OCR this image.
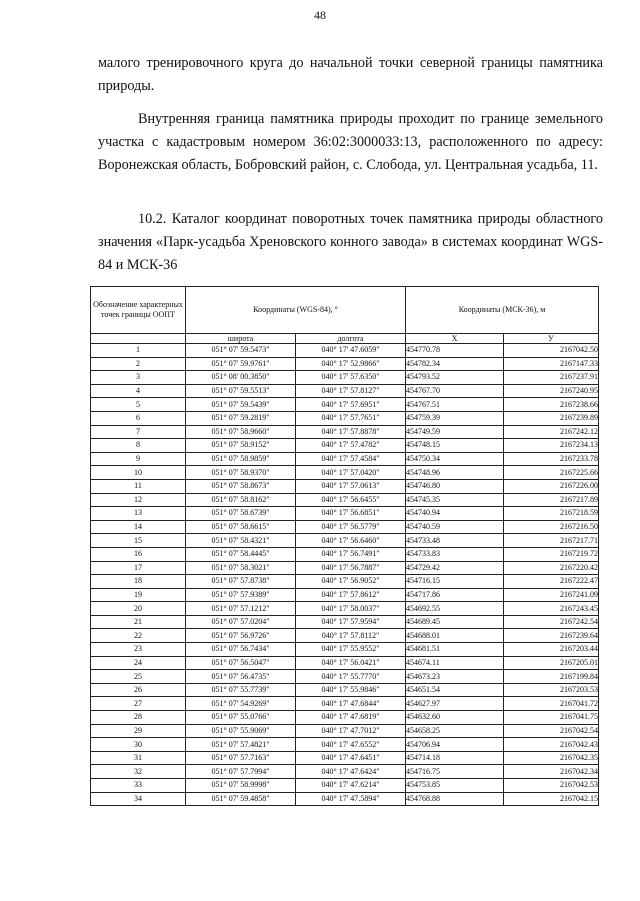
48
малого тренировочного круга до начальной точки северной границы памятника природы.
Внутренняя граница памятника природы проходит по границе земельного участка с кадастровым номером 36:02:3000033:13, расположенного по адресу: Воронежская область, Бобровский район, с. Слобода, ул. Центральная усадьба, 11.
10.2. Каталог координат поворотных точек памятника природы областного значения «Парк-усадьба Хреновского конного завода» в системах координат WGS-84 и МСК-36
Обозначение характерных точек границы ООПТ	Координаты (WGS-84), °		Координаты (МСК-36), м	
	широта	долгота	X	У
1	051° 07' 59.5473"	040° 17' 47.6059"	454770.78	2167042.50
2	051° 07' 59.9761"	040° 17' 52.9866"	454782.34	2167147.33
3	051° 08' 00.3850"	040° 17' 57.6350"	454793.52	2167237.91
4	051° 07' 59.5513"	040° 17' 57.8127"	454767.70	2167240.95
5	051° 07' 59.5439"	040° 17' 57.6951"	454767.51	2167238.66
6	051° 07' 59.2819"	040° 17' 57.7651"	454759.39	2167239.89
7	051° 07' 58.9660"	040° 17' 57.8878"	454749.59	2167242.12
8	051° 07' 58.9152"	040° 17' 57.4782"	454748.15	2167234.13
9	051° 07' 58.9859"	040° 17' 57.4584"	454750.34	2167233.78
10	051° 07' 58.9370"	040° 17' 57.0420"	454748.96	2167225.66
11	051° 07' 58.8673"	040° 17' 57.0613"	454746.80	2167226.00
12	051° 07' 58.8162"	040° 17' 56.6455"	454745.35	2167217.89
13	051° 07' 58.6739"	040° 17' 56.6851"	454740.94	2167218.59
14	051° 07' 58.6615"	040° 17' 56.5779"	454740.59	2167216.50
15	051° 07' 58.4321"	040° 17' 56.6460"	454733.48	2167217.71
16	051° 07' 58.4445"	040° 17' 56.7491"	454733.83	2167219.72
17	051° 07' 58.3021"	040° 17' 56.7887"	454729.42	2167220.42
18	051° 07' 57.8738"	040° 17' 56.9052"	454716.15	2167222.47
19	051° 07' 57.9389"	040° 17' 57.8612"	454717.86	2167241.09
20	051° 07' 57.1212"	040° 17' 58.0037"	454692.55	2167243.45
21	051° 07' 57.0204"	040° 17' 57.9594"	454689.45	2167242.54
22	051° 07' 56.9726"	040° 17' 57.8112"	454688.01	2167239.64
23	051° 07' 56.7434"	040° 17' 55.9552"	454681.51	2167203.44
24	051° 07' 56.5047"	040° 17' 56.0421"	454674.11	2167205.01
25	051° 07' 56.4735"	040° 17' 55.7770"	454673.23	2167199.84
26	051° 07' 55.7739"	040° 17' 55.9846"	454651.54	2167203.53
27	051° 07' 54.9269"	040° 17' 47.6844"	454627.97	2167041.72
28	051° 07' 55.0766"	040° 17' 47.6819"	454632.60	2167041.75
29	051° 07' 55.9069"	040° 17' 47.7012"	454658.25	2167042.54
30	051° 07' 57.4821"	040° 17' 47.6552"	454706.94	2167042.43
31	051° 07' 57.7163"	040° 17' 47.6451"	454714.18	2167042.35
32	051° 07' 57.7994"	040° 17' 47.6424"	454716.75	2167042.34
33	051° 07' 58.9998"	040° 17' 47.6214"	454753.85	2167042.53
34	051° 07' 59.4858"	040° 17' 47.5894"	454768.88	2167042.15
